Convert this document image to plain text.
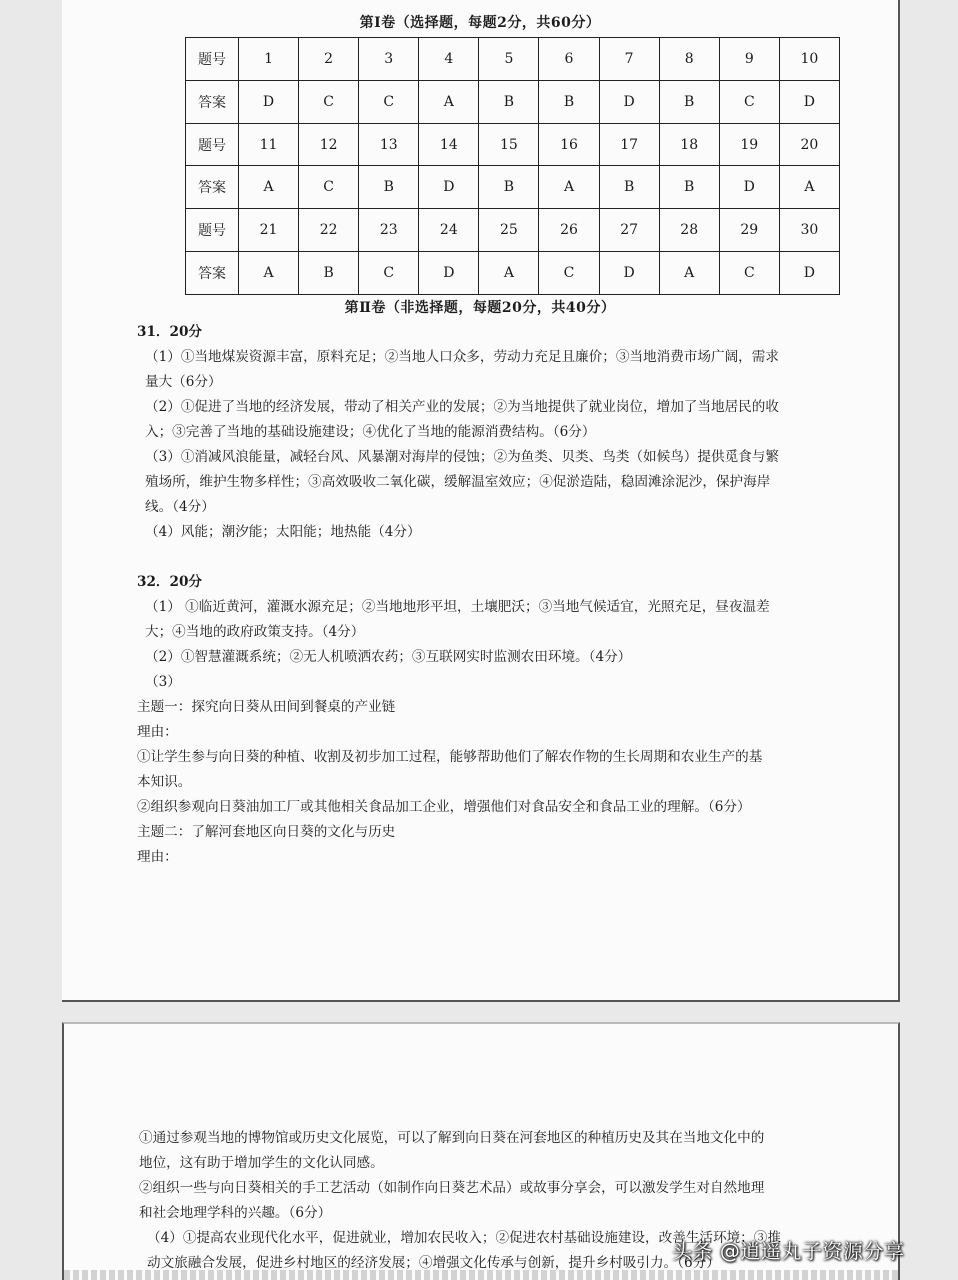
第Ⅰ卷（选择题，每题2分，共60分）
题号	1	2	3	4	5	6	7	8	9	10
答案	D	C	C	A	B	B	D	B	C	D
题号	11	12	13	14	15	16	17	18	19	20
答案	A	C	B	D	B	A	B	B	D	A
题号	21	22	23	24	25	26	27	28	29	30
答案	A	B	C	D	A	C	D	A	C	D
第Ⅱ卷（非选择题，每题20分，共40分）

31．20分

（1）①当地煤炭资源丰富，原料充足；②当地人口众多，劳动力充足且廉价；③当地消费市场广阔，需求

量大（6分）

（2）①促进了当地的经济发展，带动了相关产业的发展；②为当地提供了就业岗位，增加了当地居民的收

入；③完善了当地的基础设施建设；④优化了当地的能源消费结构。（6分）

（3）①消减风浪能量，减轻台风、风暴潮对海岸的侵蚀；②为鱼类、贝类、鸟类（如候鸟）提供觅食与繁

殖场所，维护生物多样性；③高效吸收二氧化碳，缓解温室效应；④促淤造陆，稳固滩涂泥沙，保护海岸

线。（4分）

（4）风能；潮汐能；太阳能；地热能（4分）

32．20分

（1） ①临近黄河，灌溉水源充足；②当地地形平坦，土壤肥沃；③当地气候适宜，光照充足，昼夜温差

大；④当地的政府政策支持。（4分）

（2）①智慧灌溉系统；②无人机喷洒农药；③互联网实时监测农田环境。（4分）

（3）

主题一：探究向日葵从田间到餐桌的产业链

理由：

①让学生参与向日葵的种植、收割及初步加工过程，能够帮助他们了解农作物的生长周期和农业生产的基

本知识。

②组织参观向日葵油加工厂或其他相关食品加工企业，增强他们对食品安全和食品工业的理解。（6分）

主题二：了解河套地区向日葵的文化与历史

理由：

①通过参观当地的博物馆或历史文化展览，可以了解到向日葵在河套地区的种植历史及其在当地文化中的

地位，这有助于增加学生的文化认同感。

②组织一些与向日葵相关的手工艺活动（如制作向日葵艺术品）或故事分享会，可以激发学生对自然地理

和社会地理学科的兴趣。（6分）

（4）①提高农业现代化水平，促进就业，增加农民收入；②促进农村基础设施建设，改善生活环境；③推

动文旅融合发展，促进乡村地区的经济发展；④增强文化传承与创新，提升乡村吸引力。（6分）

头条 @逍遥丸子资源分享
